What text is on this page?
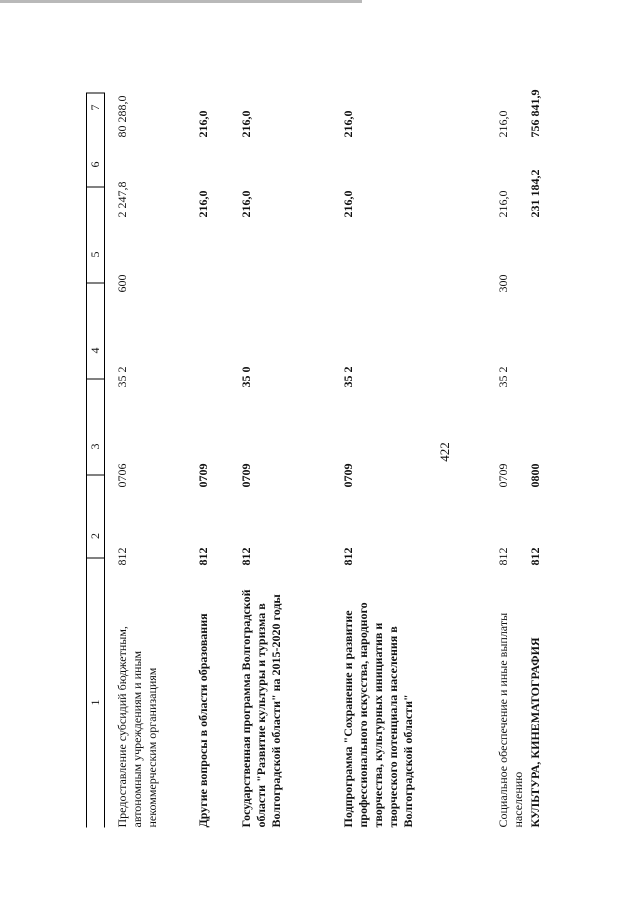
422
1
2
3
4
5
6
7
Предоставление субсидий бюджетным, автономным учреждениям и иным некоммерческим организациям
812
0706
35 2
600
2 247,8
80 288,0
Другие вопросы в области образования
812
0709
216,0
216,0
Государственная программа Волгоградской области "Развитие культуры и туризма в Волгоградской области" на 2015-2020 годы
812
0709
35 0
216,0
216,0
Подпрограмма "Сохранение и развитие профессионального искусства, народного творчества, культурных инициатив и творческого потенциала населения в Волгоградской области"
812
0709
35 2
216,0
216,0
Социальное обеспечение и иные выплаты населению
812
0709
35 2
300
216,0
216,0
КУЛЬТУРА, КИНЕМАТОГРАФИЯ
812
0800
231 184,2
756 841,9
